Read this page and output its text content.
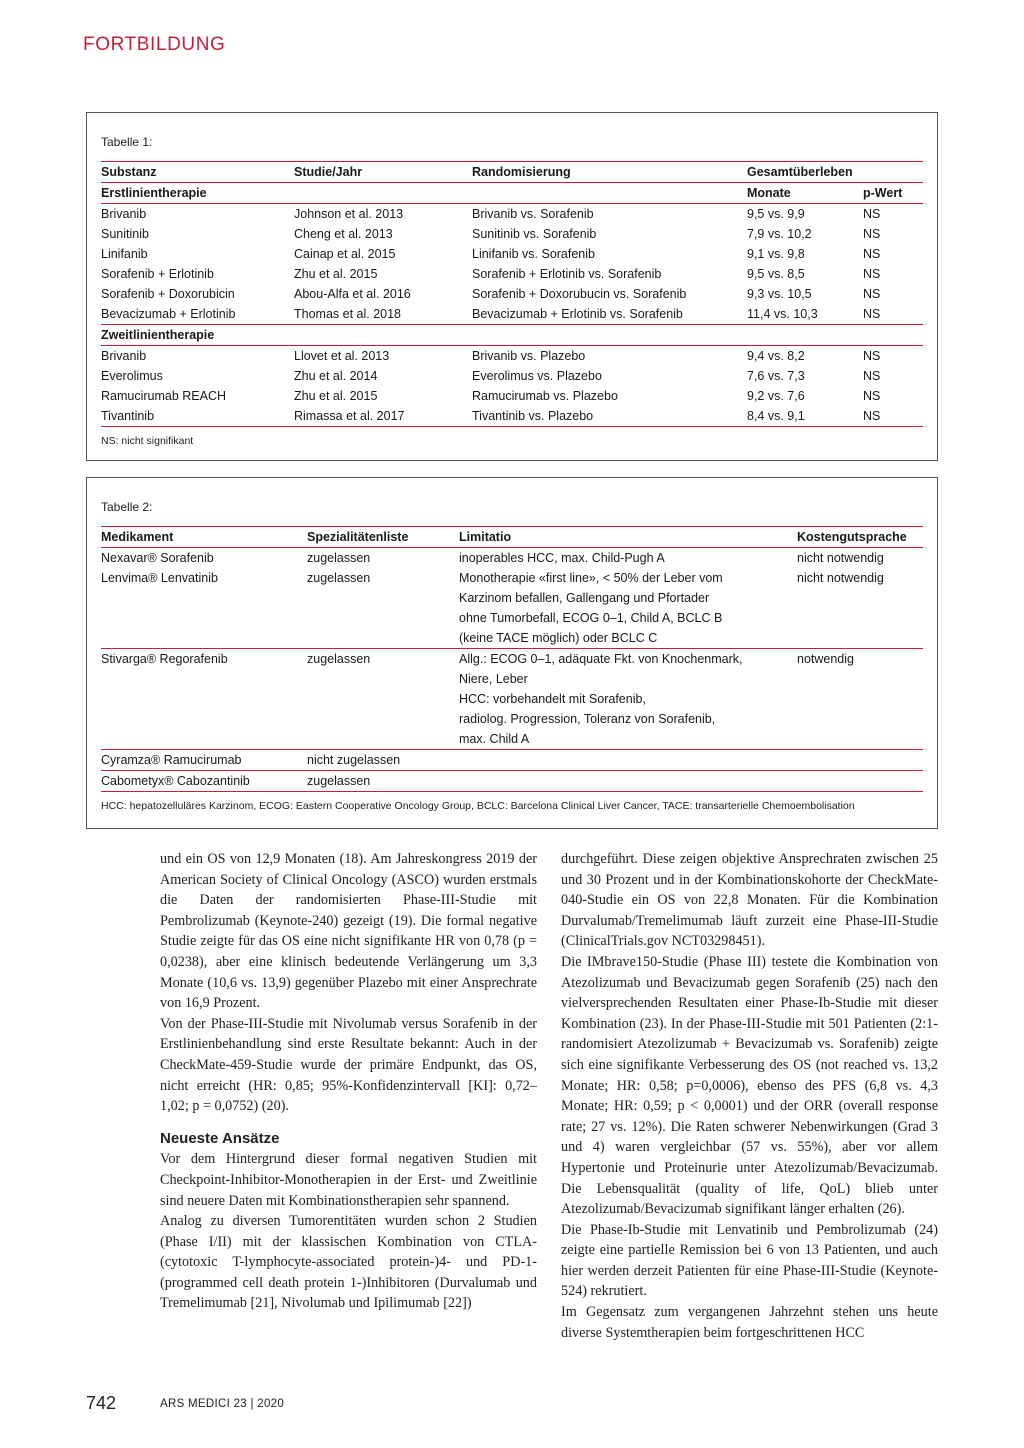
FORTBILDUNG
Tabelle 1:
Substanz	Studie/Jahr	Randomisierung	Gesamtüberleben	
Erstlinientherapie			Monate	p-Wert
Brivanib	Johnson et al. 2013	Brivanib vs. Sorafenib	9,5 vs. 9,9	NS
Sunitinib	Cheng et al. 2013	Sunitinib vs. Sorafenib	7,9 vs. 10,2	NS
Linifanib	Cainap et al. 2015	Linifanib vs. Sorafenib	9,1 vs. 9,8	NS
Sorafenib + Erlotinib	Zhu et al. 2015	Sorafenib + Erlotinib vs. Sorafenib	9,5 vs. 8,5	NS
Sorafenib + Doxorubicin	Abou-Alfa et al. 2016	Sorafenib + Doxorubucin vs. Sorafenib	9,3 vs. 10,5	NS
Bevacizumab + Erlotinib	Thomas et al. 2018	Bevacizumab + Erlotinib vs. Sorafenib	11,4 vs. 10,3	NS
Zweitlinientherapie				
Brivanib	Llovet et al. 2013	Brivanib vs. Plazebo	9,4 vs. 8,2	NS
Everolimus	Zhu et al. 2014	Everolimus vs. Plazebo	7,6 vs. 7,3	NS
Ramucirumab REACH	Zhu et al. 2015	Ramucirumab vs. Plazebo	9,2 vs. 7,6	NS
Tivantinib	Rimassa et al. 2017	Tivantinib vs. Plazebo	8,4 vs. 9,1	NS
NS: nicht signifikant
Tabelle 2:
Medikament	Spezialitätenliste	Limitatio	Kostengutsprache
Nexavar® Sorafenib	zugelassen	inoperables HCC, max. Child-Pugh A	nicht notwendig
Lenvima® Lenvatinib	zugelassen	Monotherapie «first line», < 50% der Leber vom
Karzinom befallen, Gallengang und Pfortader
ohne Tumorbefall, ECOG 0–1, Child A, BCLC B
(keine TACE möglich) oder BCLC C	nicht notwendig
Stivarga® Regorafenib	zugelassen	Allg.: ECOG 0–1, adäquate Fkt. von Knochenmark,
Niere, Leber
HCC: vorbehandelt mit Sorafenib,
radiolog. Progression, Toleranz von Sorafenib,
max. Child A	notwendig
Cyramza® Ramucirumab	nicht zugelassen	

Cabometyx® Cabozantinib	zugelassen	

HCC: hepatozelluläres Karzinom, ECOG: Eastern Cooperative Oncology Group, BCLC: Barcelona Clinical Liver Cancer, TACE: transarterielle Chemoembolisation

und ein OS von 12,9 Monaten (18). Am Jahreskongress 2019 der American Society of Clinical Oncology (ASCO) wurden erstmals die Daten der randomisierten Phase-III-Studie mit Pembrolizumab (Keynote-240) gezeigt (19). Die formal negative Studie zeigte für das OS eine nicht signifikante HR von 0,78 (p = 0,0238), aber eine klinisch bedeutende Verlängerung um 3,3 Monate (10,6 vs. 13,9) gegenüber Plazebo mit einer Ansprechrate von 16,9 Prozent.

Von der Phase-III-Studie mit Nivolumab versus Sorafenib in der Erstlinienbehandlung sind erste Resultate bekannt: Auch in der CheckMate-459-Studie wurde der primäre Endpunkt, das OS, nicht erreicht (HR: 0,85; 95%-Konfidenzintervall [KI]: 0,72–1,02; p = 0,0752) (20).

Neueste Ansätze

Vor dem Hintergrund dieser formal negativen Studien mit Checkpoint-Inhibitor-Monotherapien in der Erst- und Zweitlinie sind neuere Daten mit Kombinationstherapien sehr spannend.

Analog zu diversen Tumorentitäten wurden schon 2 Studien (Phase I/II) mit der klassischen Kombination von CTLA-(cytotoxic T-lymphocyte-associated protein-)4- und PD-1-(programmed cell death protein 1-)Inhibitoren (Durvalumab und Tremelimumab [21], Nivolumab und Ipilimumab [22])

durchgeführt. Diese zeigen objektive Ansprechraten zwischen 25 und 30 Prozent und in der Kombinationskohorte der CheckMate-040-Studie ein OS von 22,8 Monaten. Für die Kombination Durvalumab/Tremelimumab läuft zurzeit eine Phase-III-Studie (ClinicalTrials.gov NCT03298451).

Die IMbrave150-Studie (Phase III) testete die Kombination von Atezolizumab und Bevacizumab gegen Sorafenib (25) nach den vielversprechenden Resultaten einer Phase-Ib-Studie mit dieser Kombination (23). In der Phase-III-Studie mit 501 Patienten (2:1-randomisiert Atezolizumab + Bevacizumab vs. Sorafenib) zeigte sich eine signifikante Verbesserung des OS (not reached vs. 13,2 Monate; HR: 0,58; p=0,0006), ebenso des PFS (6,8 vs. 4,3 Monate; HR: 0,59; p < 0,0001) und der ORR (overall response rate; 27 vs. 12%). Die Raten schwerer Nebenwirkungen (Grad 3 und 4) waren vergleichbar (57 vs. 55%), aber vor allem Hypertonie und Proteinurie unter Atezolizumab/Bevacizumab. Die Lebensqualität (quality of life, QoL) blieb unter Atezolizumab/Bevacizumab signifikant länger erhalten (26).

Die Phase-Ib-Studie mit Lenvatinib und Pembrolizumab (24) zeigte eine partielle Remission bei 6 von 13 Patienten, und auch hier werden derzeit Patienten für eine Phase-III-Studie (Keynote-524) rekrutiert.

Im Gegensatz zum vergangenen Jahrzehnt stehen uns heute diverse Systemtherapien beim fortgeschrittenen HCC

742	ARS MEDICI 23 | 2020
